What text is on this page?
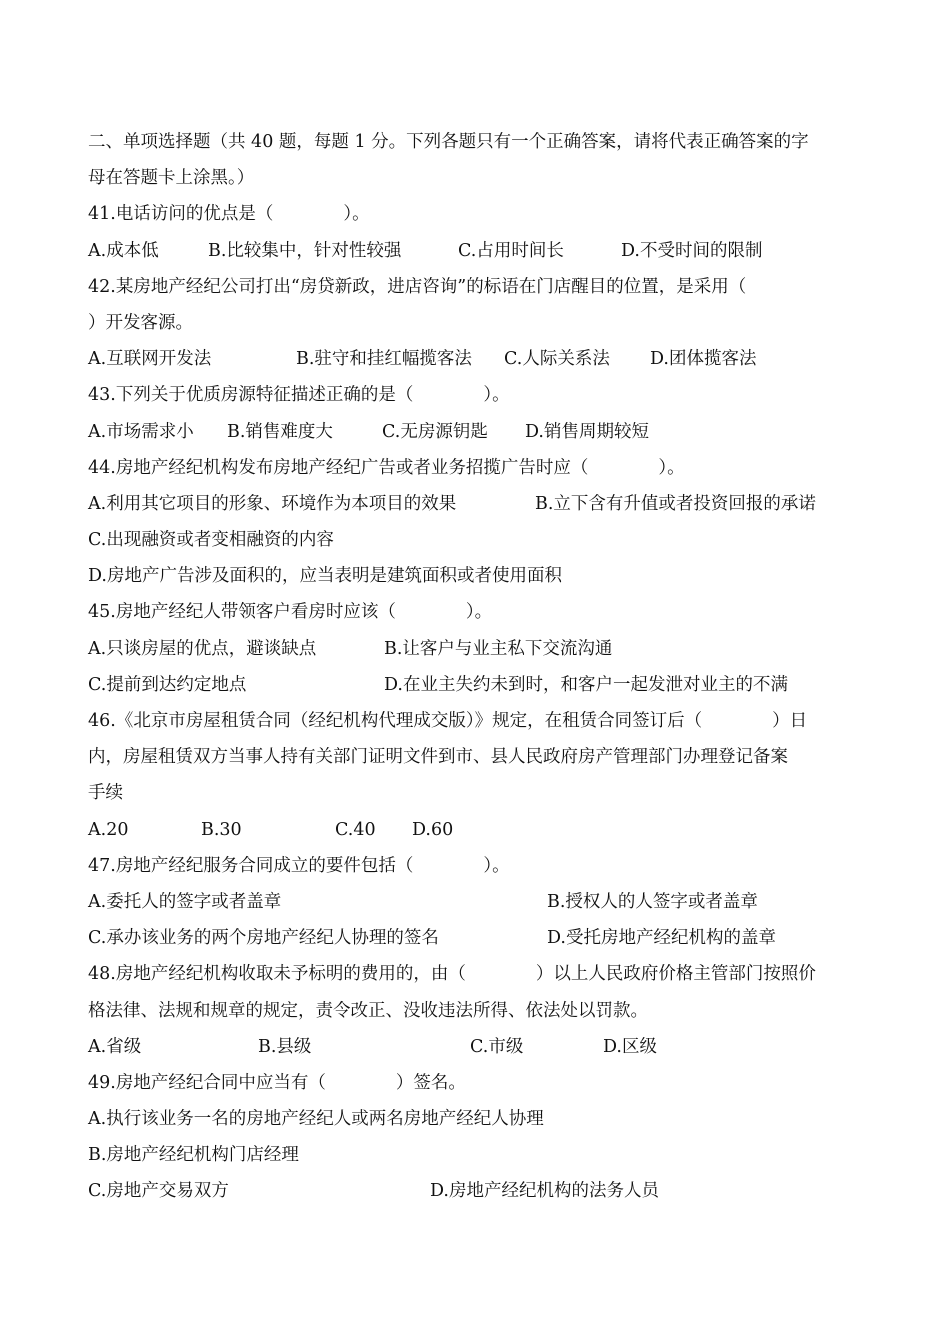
二、单项选择题（共 40 题，每题 1 分。下列各题只有一个正确答案，请将代表正确答案的字
母在答题卡上涂黑。）
41.电话访问的优点是（　　　　）。
A.成本低	B.比较集中，针对性较强	C.占用时间长	D.不受时间的限制
42.某房地产经纪公司打出“房贷新政，进店咨询”的标语在门店醒目的位置，是采用（
）开发客源。
A.互联网开发法	B.驻守和挂红幅揽客法	C.人际关系法	D.团体揽客法
43.下列关于优质房源特征描述正确的是（　　　　）。
A.市场需求小	B.销售难度大	C.无房源钥匙	D.销售周期较短
44.房地产经纪机构发布房地产经纪广告或者业务招揽广告时应（　　　　）。
A.利用其它项目的形象、环境作为本项目的效果	B.立下含有升值或者投资回报的承诺
C.出现融资或者变相融资的内容
D.房地产广告涉及面积的，应当表明是建筑面积或者使用面积
45.房地产经纪人带领客户看房时应该（　　　　）。
A.只谈房屋的优点，避谈缺点	B.让客户与业主私下交流沟通
C.提前到达约定地点	D.在业主失约未到时，和客户一起发泄对业主的不满
46.《北京市房屋租赁合同（经纪机构代理成交版）》规定，在租赁合同签订后（　　　　）日
内，房屋租赁双方当事人持有关部门证明文件到市、县人民政府房产管理部门办理登记备案
手续
A.20	B.30	C.40	D.60
47.房地产经纪服务合同成立的要件包括（　　　　）。
A.委托人的签字或者盖章	B.授权人的人签字或者盖章
C.承办该业务的两个房地产经纪人协理的签名	D.受托房地产经纪机构的盖章
48.房地产经纪机构收取未予标明的费用的，由（　　　　）以上人民政府价格主管部门按照价
格法律、法规和规章的规定，责令改正、没收违法所得、依法处以罚款。
A.省级	B.县级	C.市级	D.区级
49.房地产经纪合同中应当有（　　　　）签名。
A.执行该业务一名的房地产经纪人或两名房地产经纪人协理
B.房地产经纪机构门店经理
C.房地产交易双方	D.房地产经纪机构的法务人员
